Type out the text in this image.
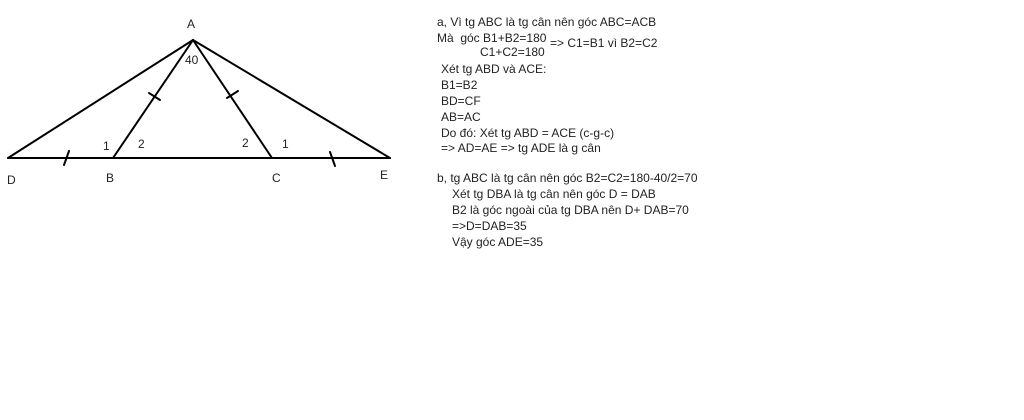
A
D	B	C	E
40
1 2	2	1
a, Vì tg ABC là tg cân nên góc ABC=ACB
Mà  góc B1+B2=180 => C1=B1 vì B2=C2
C1+C2=180
Xét tg ABD và ACE:
B1=B2
BD=CF
AB=AC
Do đó: Xét tg ABD = ACE (c-g-c)
=> AD=AE => tg ADE là g cân
b, tg ABC là tg cân nên góc B2=C2=180-40/2=70
Xét tg DBA là tg cân nên góc D = DAB
B2 là góc ngoài của tg DBA nên D+ DAB=70
=>D=DAB=35
Vậy góc ADE=35
